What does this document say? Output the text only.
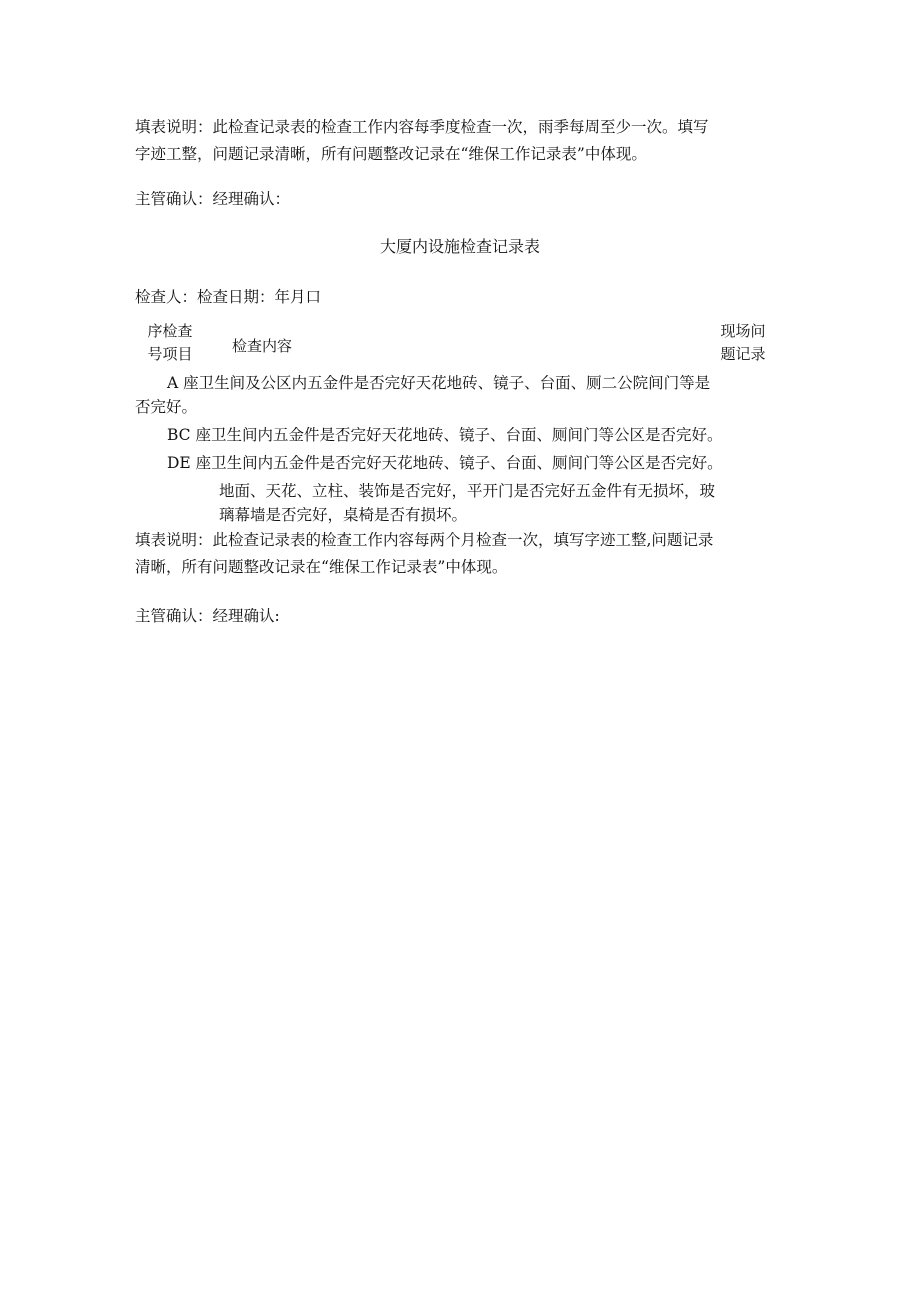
填表说明：此检查记录表的检查工作内容每季度检查一次，雨季每周至少一次。填写
字迹工整，问题记录清晰，所有问题整改记录在“维保工作记录表”中体现。

主管确认：经理确认：

大厦内设施检查记录表

检查人：检查日期：年月口

序检查
号项目	检查内容
现场问
题记录
A 座卫生间及公区内五金件是否完好天花地砖、镜子、台面、厕二公院间门等是
否完好。
BC 座卫生间内五金件是否完好天花地砖、镜子、台面、厕间门等公区是否完好。
DE 座卫生间内五金件是否完好天花地砖、镜子、台面、厕间门等公区是否完好。
地面、天花、立柱、装饰是否完好，平开门是否完好五金件有无损坏，玻
璃幕墙是否完好，桌椅是否有损坏。

填表说明：此检查记录表的检查工作内容每两个月检查一次，填写字迹工整,问题记录
清晰，所有问题整改记录在“维保工作记录表”中体现。

主管确认：经理确认:
